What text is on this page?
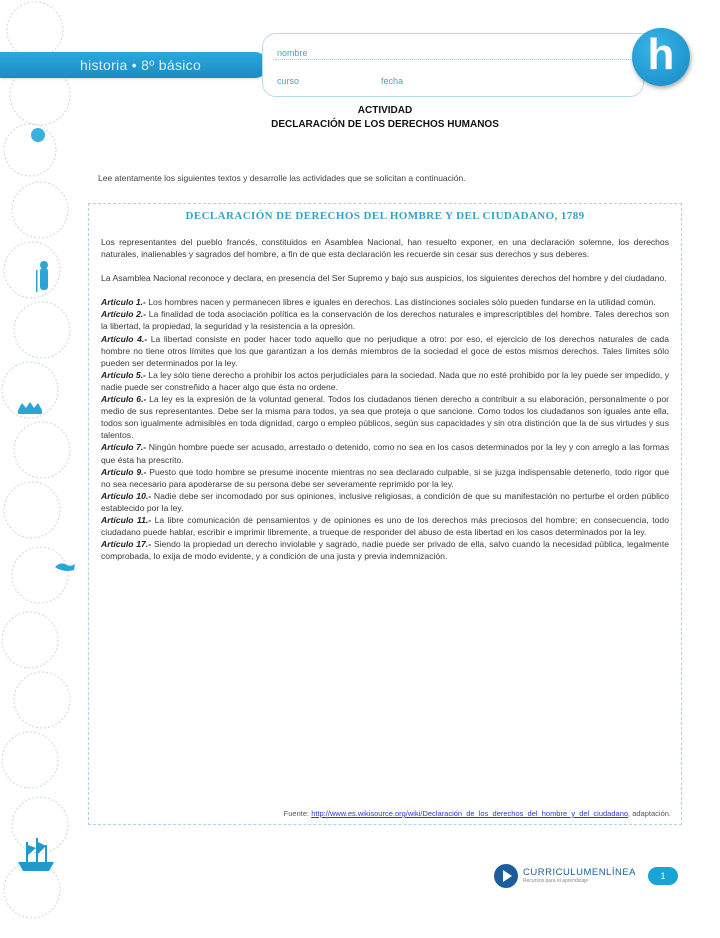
historia • 8º básico
nombre
curso	fecha
h
ACTIVIDAD
DECLARACIÓN DE LOS DERECHOS HUMANOS
Lee atentamente los siguientes textos y desarrolle las actividades que se solicitan a continuación.
DECLARACIÓN DE DERECHOS DEL HOMBRE Y DEL CIUDADANO, 1789

Los representantes del pueblo francés, constituidos en Asamblea Nacional, han resuelto exponer, en una declaración solemne, los derechos naturales, inalienables y sagrados del hombre, a fin de que esta declaración les recuerde sin cesar sus derechos y sus deberes.

La Asamblea Nacional reconoce y declara, en presencia del Ser Supremo y bajo sus auspicios, los siguientes derechos del hombre y del ciudadano.

Artículo 1.- Los hombres nacen y permanecen libres e iguales en derechos. Las distinciones sociales sólo pueden fundarse en la utilidad común.

Artículo 2.- La finalidad de toda asociación política es la conservación de los derechos naturales e imprescriptibles del hombre. Tales derechos son la libertad, la propiedad, la seguridad y la resistencia a la opresión.

Artículo 4.- La libertad consiste en poder hacer todo aquello que no perjudique a otro: por eso, el ejercicio de los derechos naturales de cada hombre no tiene otros límites que los que garantizan a los demás miembros de la sociedad el goce de estos mismos derechos. Tales límites sólo pueden ser determinados por la ley.

Artículo 5.- La ley sólo tiene derecho a prohibir los actos perjudiciales para la sociedad. Nada que no esté prohibido por la ley puede ser impedido, y nadie puede ser constreñido a hacer algo que ésta no ordene.

Artículo 6.- La ley es la expresión de la voluntad general. Todos los ciudadanos tienen derecho a contribuir a su elaboración, personalmente o por medio de sus representantes. Debe ser la misma para todos, ya sea que proteja o que sancione. Como todos los ciudadanos son iguales ante ella, todos son igualmente admisibles en toda dignidad, cargo o empleo públicos, según sus capacidades y sin otra distinción que la de sus virtudes y sus talentos.

Artículo 7.- Ningún hombre puede ser acusado, arrestado o detenido, como no sea en los casos determinados por la ley y con arreglo a las formas que ésta ha prescrito.

Artículo 9.- Puesto que todo hombre se presume inocente mientras no sea declarado culpable, si se juzga indispensable detenerlo, todo rigor que no sea necesario para apoderarse de su persona debe ser severamente reprimido por la ley.

Artículo 10.- Nadie debe ser incomodado por sus opiniones, inclusive religiosas, a condición de que su manifestación no perturbe el orden público establecido por la ley.

Artículo 11.- La libre comunicación de pensamientos y de opiniones es uno de los derechos más preciosos del hombre; en consecuencia, todo ciudadano puede hablar, escribir e imprimir libremente, a trueque de responder del abuso de esta libertad en los casos determinados por la ley.

Artículo 17.- Siendo la propiedad un derecho inviolable y sagrado, nadie puede ser privado de ella, salvo cuando la necesidad pública, legalmente comprobada, lo exija de modo evidente, y a condición de una justa y previa indemnización.

Fuente: http://www.es.wikisource.org/wiki/Declaración_de_los_derechos_del_hombre_y_del_ciudadano, adaptación.
CURRICULUMENLÍNEA
Recursos para el aprendizaje	1
